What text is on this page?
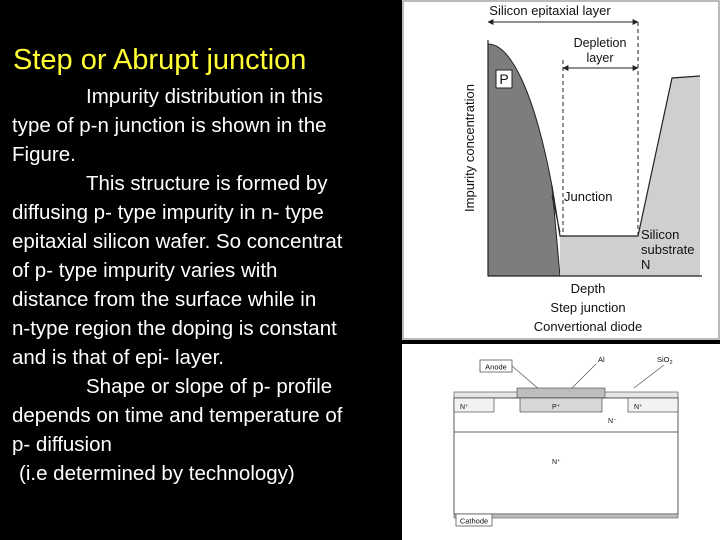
Step or Abrupt junction

Impurity distribution in this

type of p-n junction is shown in the

Figure.

This structure is formed by

diffusing p- type impurity in n- type

epitaxial silicon wafer. So concentrat

of p- type impurity varies with

distance from the surface while in

n-type region the doping is constant

and is that of epi- layer.

Shape or slope of p- profile

depends on time and temperature of

p- diffusion

(i.e determined by technology)

Silicon epitaxial layer
Depletion
layer
Impurity concentration
P
Junction
Silicon
substrate
N
Depth
Step junction
Convertional diode
Anode
Al	SiO$_2$
N⁺	P⁺	N⁺
N⁻
N⁺
Cathode
